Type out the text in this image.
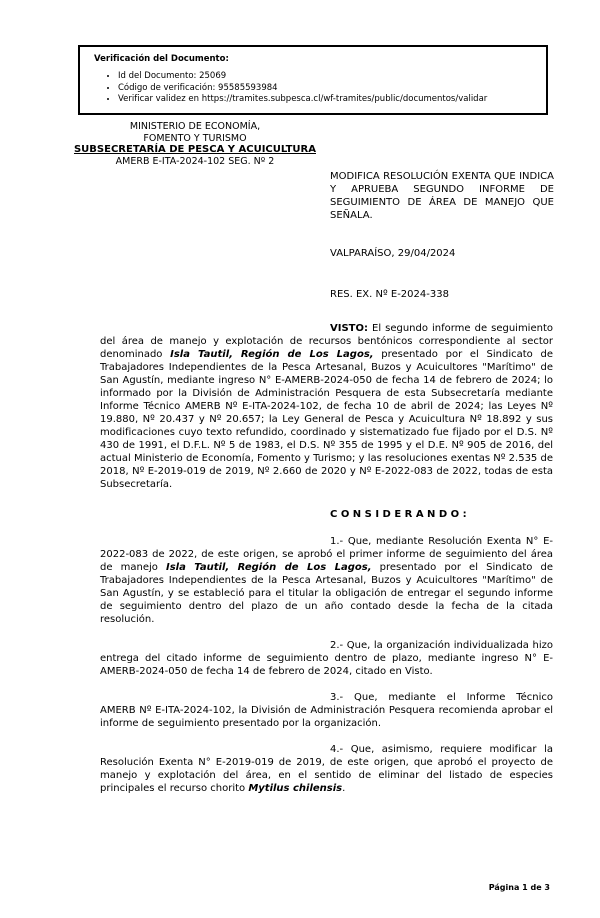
Verificación del Documento:
• Id del Documento: 25069
• Código de verificación: 95585593984
• Verificar validez en https://tramites.subpesca.cl/wf-tramites/public/documentos/validar
MINISTERIO DE ECONOMÍA,
FOMENTO Y TURISMO
SUBSECRETARÍA DE PESCA Y ACUICULTURA
AMERB E-ITA-2024-102 SEG. Nº 2
MODIFICA RESOLUCIÓN EXENTA QUE INDICA Y APRUEBA SEGUNDO INFORME DE SEGUIMIENTO DE ÁREA DE MANEJO QUE SEÑALA.
VALPARAÍSO, 29/04/2024
RES. EX. Nº E-2024-338

VISTO: El segundo informe de seguimiento del área de manejo y explotación de recursos bentónicos correspondiente al sector denominado Isla Tautil, Región de Los Lagos, presentado por el Sindicato de Trabajadores Independientes de la Pesca Artesanal, Buzos y Acuicultores "Marítimo" de San Agustín, mediante ingreso N° E-AMERB-2024-050 de fecha 14 de febrero de 2024; lo informado por la División de Administración Pesquera de esta Subsecretaría mediante Informe Técnico AMERB Nº E-ITA-2024-102, de fecha 10 de abril de 2024; las Leyes Nº 19.880, Nº 20.437 y Nº 20.657; la Ley General de Pesca y Acuicultura Nº 18.892 y sus modificaciones cuyo texto refundido, coordinado y sistematizado fue fijado por el D.S. Nº 430 de 1991, el D.F.L. Nº 5 de 1983, el D.S. Nº 355 de 1995 y el D.E. Nº 905 de 2016, del actual Ministerio de Economía, Fomento y Turismo; y las resoluciones exentas Nº 2.535 de 2018, Nº E-2019-019 de 2019, Nº 2.660 de 2020 y Nº E-2022-083 de 2022, todas de esta Subsecretaría.

C O N S I D E R A N D O :

1.- Que, mediante Resolución Exenta N° E-2022-083 de 2022, de este origen, se aprobó el primer informe de seguimiento del área de manejo Isla Tautil, Región de Los Lagos, presentado por el Sindicato de Trabajadores Independientes de la Pesca Artesanal, Buzos y Acuicultores "Marítimo" de San Agustín, y se estableció para el titular la obligación de entregar el segundo informe de seguimiento dentro del plazo de un año contado desde la fecha de la citada resolución.

2.- Que, la organización individualizada hizo entrega del citado informe de seguimiento dentro de plazo, mediante ingreso N° E-AMERB-2024-050 de fecha 14 de febrero de 2024, citado en Visto.

3.- Que, mediante el Informe Técnico AMERB Nº E-ITA-2024-102, la División de Administración Pesquera recomienda aprobar el informe de seguimiento presentado por la organización.

4.- Que, asimismo, requiere modificar la Resolución Exenta N° E-2019-019 de 2019, de este origen, que aprobó el proyecto de manejo y explotación del área, en el sentido de eliminar del listado de especies principales el recurso chorito Mytilus chilensis.

Página 1 de 3
